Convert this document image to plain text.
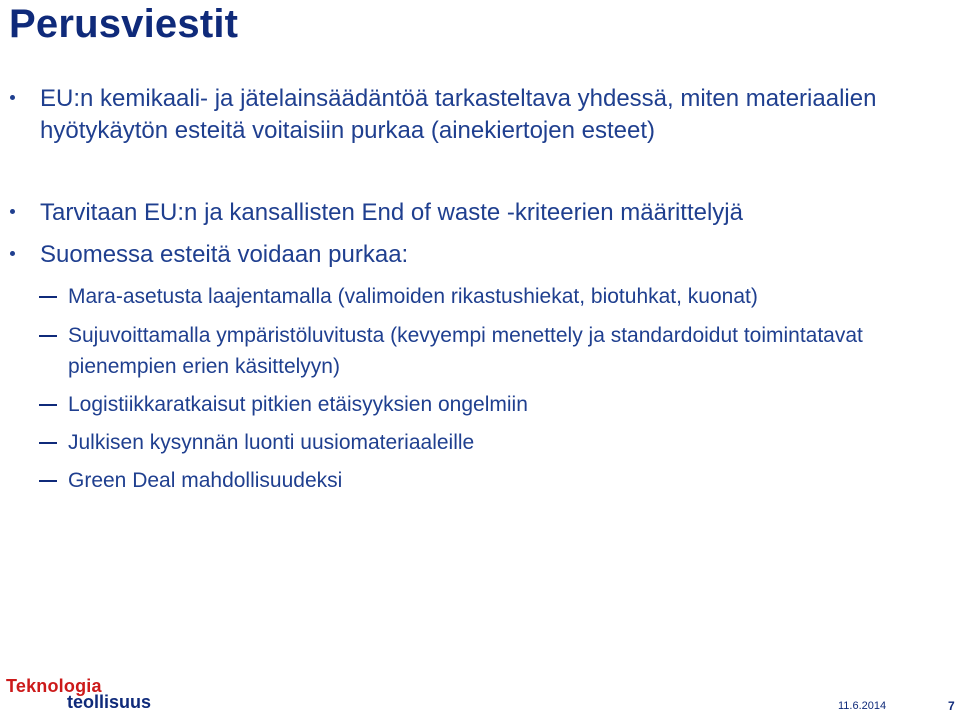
Perusviestit
EU:n kemikaali- ja jätelainsäädäntöä tarkasteltava yhdessä, miten materiaalien hyötykäytön esteitä voitaisiin purkaa (ainekiertojen esteet)
Tarvitaan EU:n ja kansallisten End of waste -kriteerien määrittelyjä
Suomessa esteitä voidaan purkaa:
Mara-asetusta laajentamalla (valimoiden rikastushiekat, biotuhkat, kuonat)
Sujuvoittamalla ympäristöluvitusta (kevyempi menettely ja standardoidut toimintatavat pienempien erien käsittelyyn)
Logistiikkaratkaisut pitkien etäisyyksien ongelmiin
Julkisen kysynnän luonti uusiomateriaaleille
Green Deal mahdollisuudeksi
Teknologia
teollisuus	11.6.2014	7
